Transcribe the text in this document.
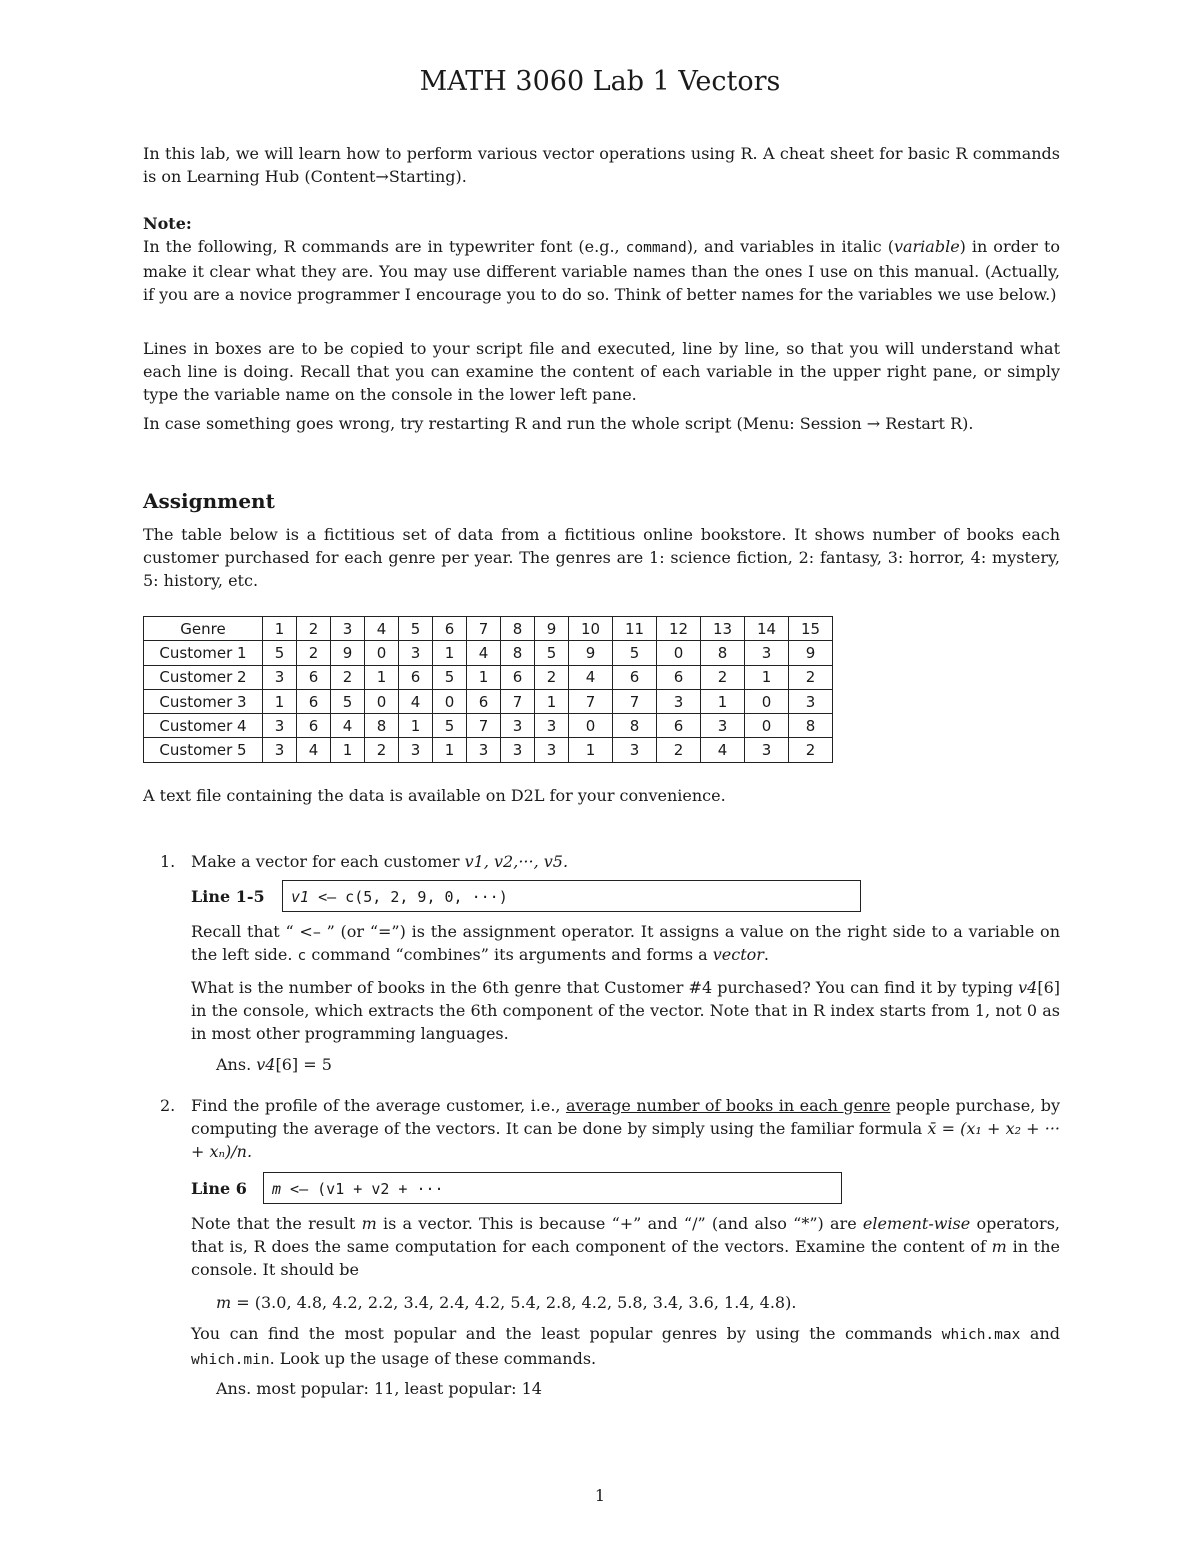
MATH 3060 Lab 1 Vectors
In this lab, we will learn how to perform various vector operations using R. A cheat sheet for basic R commands is on Learning Hub (Content→Starting).
Note:
In the following, R commands are in typewriter font (e.g., command), and variables in italic (variable) in order to make it clear what they are. You may use different variable names than the ones I use on this manual. (Actually, if you are a novice programmer I encourage you to do so. Think of better names for the variables we use below.)
Lines in boxes are to be copied to your script file and executed, line by line, so that you will understand what each line is doing. Recall that you can examine the content of each variable in the upper right pane, or simply type the variable name on the console in the lower left pane.
In case something goes wrong, try restarting R and run the whole script (Menu: Session → Restart R).
Assignment
The table below is a fictitious set of data from a fictitious online bookstore. It shows number of books each customer purchased for each genre per year. The genres are 1: science fiction, 2: fantasy, 3: horror, 4: mystery, 5: history, etc.
Genre	1	2	3	4	5	6	7	8	9	10	11	12	13	14	15
Customer 1	5	2	9	0	3	1	4	8	5	9	5	0	8	3	9
Customer 2	3	6	2	1	6	5	1	6	2	4	6	6	2	1	2
Customer 3	1	6	5	0	4	0	6	7	1	7	7	3	1	0	3
Customer 4	3	6	4	8	1	5	7	3	3	0	8	6	3	0	8
Customer 5	3	4	1	2	3	1	3	3	3	1	3	2	4	3	2
A text file containing the data is available on D2L for your convenience.
1. Make a vector for each customer v1, v2,···, v5.
Line 1-5	v1 <– c(5, 2, 9, 0, ···)
Recall that “ <– ” (or “=”) is the assignment operator. It assigns a value on the right side to a variable on the left side. c command “combines” its arguments and forms a vector.
What is the number of books in the 6th genre that Customer #4 purchased? You can find it by typing v4[6] in the console, which extracts the 6th component of the vector. Note that in R index starts from 1, not 0 as in most other programming languages.
Ans. v4[6] = 5
2. Find the profile of the average customer, i.e., average number of books in each genre people purchase, by computing the average of the vectors. It can be done by simply using the familiar formula x̄ = (x₁ + x₂ + ··· + xₙ)/n.
Line 6	m <– (v1 + v2 + ···
Note that the result m is a vector. This is because “+” and “/” (and also “*”) are element-wise operators, that is, R does the same computation for each component of the vectors. Examine the content of m in the console. It should be
m = (3.0, 4.8, 4.2, 2.2, 3.4, 2.4, 4.2, 5.4, 2.8, 4.2, 5.8, 3.4, 3.6, 1.4, 4.8).
You can find the most popular and the least popular genres by using the commands which.max and which.min. Look up the usage of these commands.
Ans. most popular: 11, least popular: 14
1
